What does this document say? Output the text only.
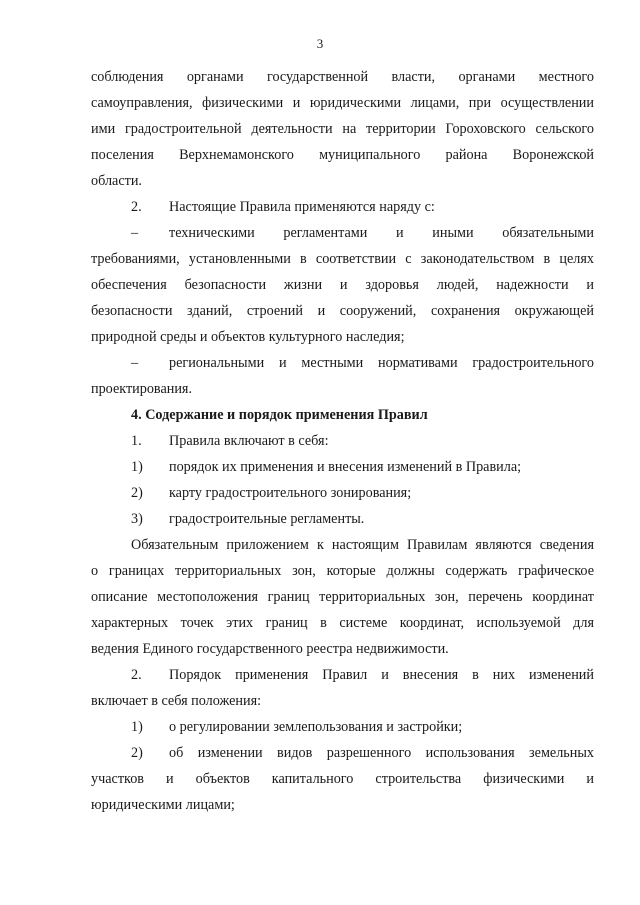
3
соблюдения органами государственной власти, органами местного
самоуправления, физическими и юридическими лицами, при осуществлении
ими градостроительной деятельности на территории Гороховского сельского
поселения Верхнемамонского муниципального района Воронежской
области.
2.	Настоящие Правила применяются наряду с:
–	техническими регламентами и иными обязательными
требованиями, установленными в соответствии с законодательством в целях
обеспечения безопасности жизни и здоровья людей, надежности и
безопасности зданий, строений и сооружений, сохранения окружающей
природной среды и объектов культурного наследия;
–	региональными и местными нормативами градостроительного
проектирования.
4. Содержание и порядок применения Правил
1.	Правила включают в себя:
1)	порядок их применения и внесения изменений в Правила;
2)	карту градостроительного зонирования;
3)	градостроительные регламенты.
Обязательным приложением к настоящим Правилам являются сведения
о границах территориальных зон, которые должны содержать графическое
описание местоположения границ территориальных зон, перечень координат
характерных точек этих границ в системе координат, используемой для
ведения Единого государственного реестра недвижимости.
2.	Порядок применения Правил и внесения в них изменений
включает в себя положения:
1)	о регулировании землепользования и застройки;
2)	об изменении видов разрешенного использования земельных
участков и объектов капитального строительства физическими и
юридическими лицами;
